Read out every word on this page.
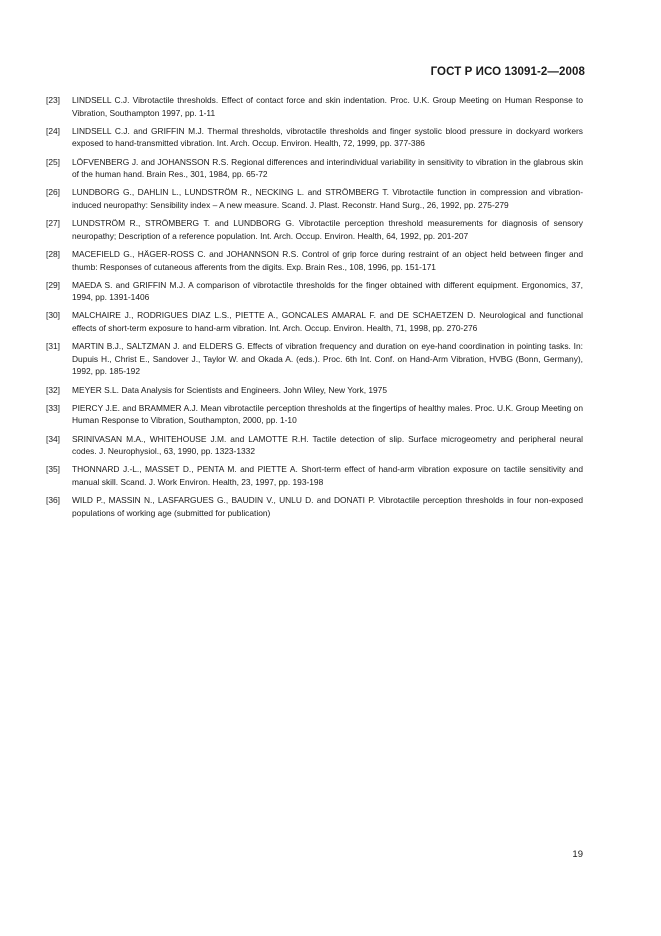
ГОСТ Р ИСО 13091-2—2008
[23]	LINDSELL C.J. Vibrotactile thresholds. Effect of contact force and skin indentation. Proc. U.K. Group Meeting on Human Response to Vibration, Southampton 1997, pp. 1-11
[24]	LINDSELL C.J. and GRIFFIN M.J. Thermal thresholds, vibrotactile thresholds and finger systolic blood pressure in dockyard workers exposed to hand-transmitted vibration. Int. Arch. Occup. Environ. Health, 72, 1999, pp. 377-386
[25]	LÖFVENBERG J. and JOHANSSON R.S. Regional differences and interindividual variability in sensitivity to vibration in the glabrous skin of the human hand. Brain Res., 301, 1984, pp. 65-72
[26]	LUNDBORG G., DAHLIN L., LUNDSTRÖM R., NECKING L. and STRÖMBERG T. Vibrotactile function in compression and vibration-induced neuropathy: Sensibility index – A new measure. Scand. J. Plast. Reconstr. Hand Surg., 26, 1992, pp. 275-279
[27]	LUNDSTRÖM R., STRÖMBERG T. and LUNDBORG G. Vibrotactile perception threshold measurements for diagnosis of sensory neuropathy; Description of a reference population. Int. Arch. Occup. Environ. Health, 64, 1992, pp. 201-207
[28]	MACEFIELD G., HÄGER-ROSS C. and JOHANNSON R.S. Control of grip force during restraint of an object held between finger and thumb: Responses of cutaneous afferents from the digits. Exp. Brain Res., 108, 1996, pp. 151-171
[29]	MAEDA S. and GRIFFIN M.J. A comparison of vibrotactile thresholds for the finger obtained with different equipment. Ergonomics, 37, 1994, pp. 1391-1406
[30]	MALCHAIRE J., RODRIGUES DIAZ L.S., PIETTE A., GONCALES AMARAL F. and DE SCHAETZEN D. Neurological and functional effects of short-term exposure to hand-arm vibration. Int. Arch. Occup. Environ. Health, 71, 1998, pp. 270-276
[31]	MARTIN B.J., SALTZMAN J. and ELDERS G. Effects of vibration frequency and duration on eye-hand coordination in pointing tasks. In: Dupuis H., Christ E., Sandover J., Taylor W. and Okada A. (eds.). Proc. 6th Int. Conf. on Hand-Arm Vibration, HVBG (Bonn, Germany), 1992, pp. 185-192
[32]	MEYER S.L. Data Analysis for Scientists and Engineers. John Wiley, New York, 1975
[33]	PIERCY J.E. and BRAMMER A.J. Mean vibrotactile perception thresholds at the fingertips of healthy males. Proc. U.K. Group Meeting on Human Response to Vibration, Southampton, 2000, pp. 1-10
[34]	SRINIVASAN M.A., WHITEHOUSE J.M. and LAMOTTE R.H. Tactile detection of slip. Surface microgeometry and peripheral neural codes. J. Neurophysiol., 63, 1990, pp. 1323-1332
[35]	THONNARD J.-L., MASSET D., PENTA M. and PIETTE A. Short-term effect of hand-arm vibration exposure on tactile sensitivity and manual skill. Scand. J. Work Environ. Health, 23, 1997, pp. 193-198
[36]	WILD P., MASSIN N., LASFARGUES G., BAUDIN V., UNLU D. and DONATI P. Vibrotactile perception thresholds in four non-exposed populations of working age (submitted for publication)
19
